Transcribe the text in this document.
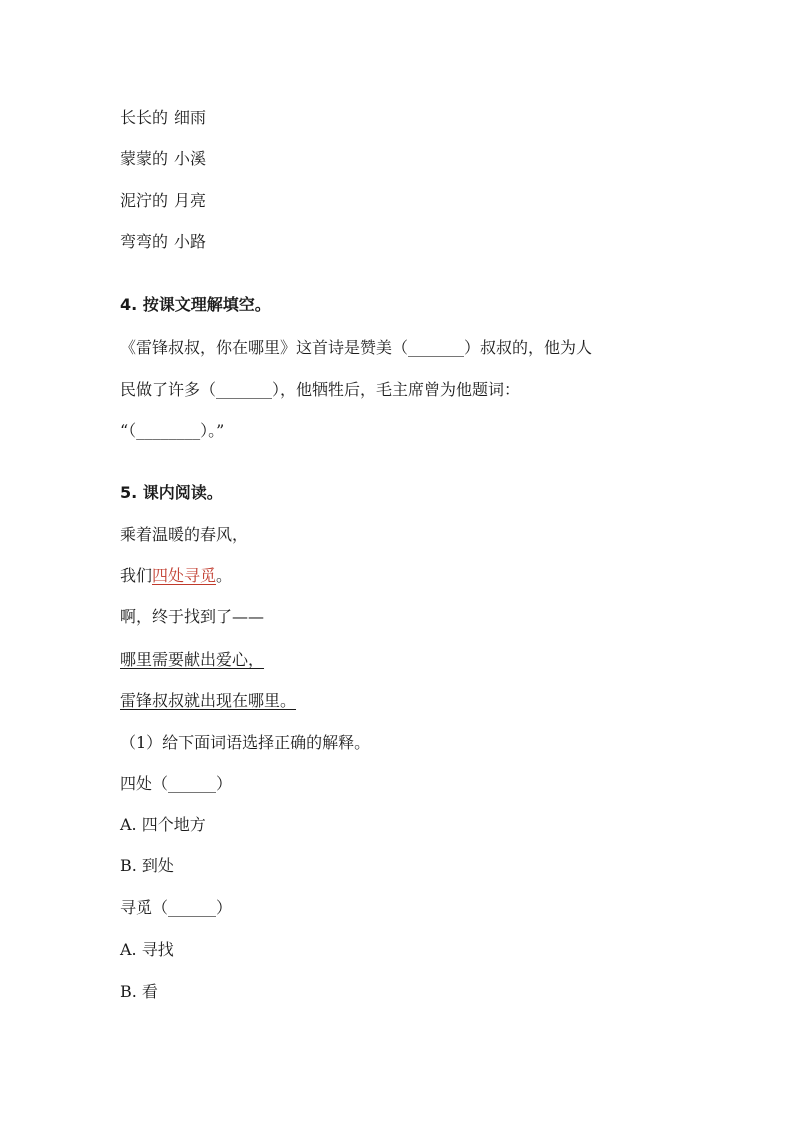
长长的 细雨
蒙蒙的 小溪
泥泞的 月亮
弯弯的 小路
4. 按课文理解填空。
《雷锋叔叔，你在哪里》这首诗是赞美（_______）叔叔的，他为人
民做了许多（_______），他牺牲后，毛主席曾为他题词：
“（________）。”
5. 课内阅读。
乘着温暖的春风，
我们四处寻觅。
啊，终于找到了——
哪里需要献出爱心，
雷锋叔叔就出现在哪里。
（1）给下面词语选择正确的解释。
四处（______）
A. 四个地方
B. 到处
寻觅（______）
A. 寻找
B. 看
